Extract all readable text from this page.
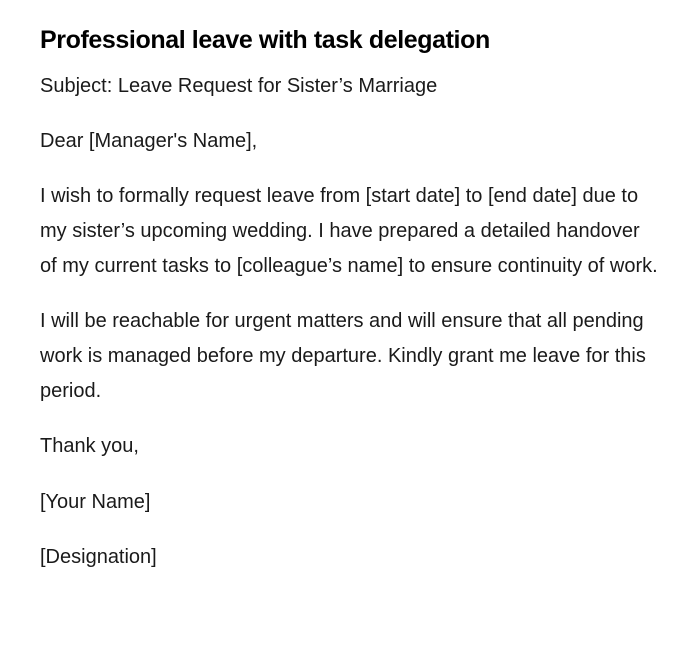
Professional leave with task delegation

Subject: Leave Request for Sister’s Marriage

Dear [Manager's Name],

I wish to formally request leave from [start date] to [end date] due to my sister’s upcoming wedding. I have prepared a detailed handover of my current tasks to [colleague’s name] to ensure continuity of work.

I will be reachable for urgent matters and will ensure that all pending work is managed before my departure. Kindly grant me leave for this period.

Thank you,

[Your Name]

[Designation]
